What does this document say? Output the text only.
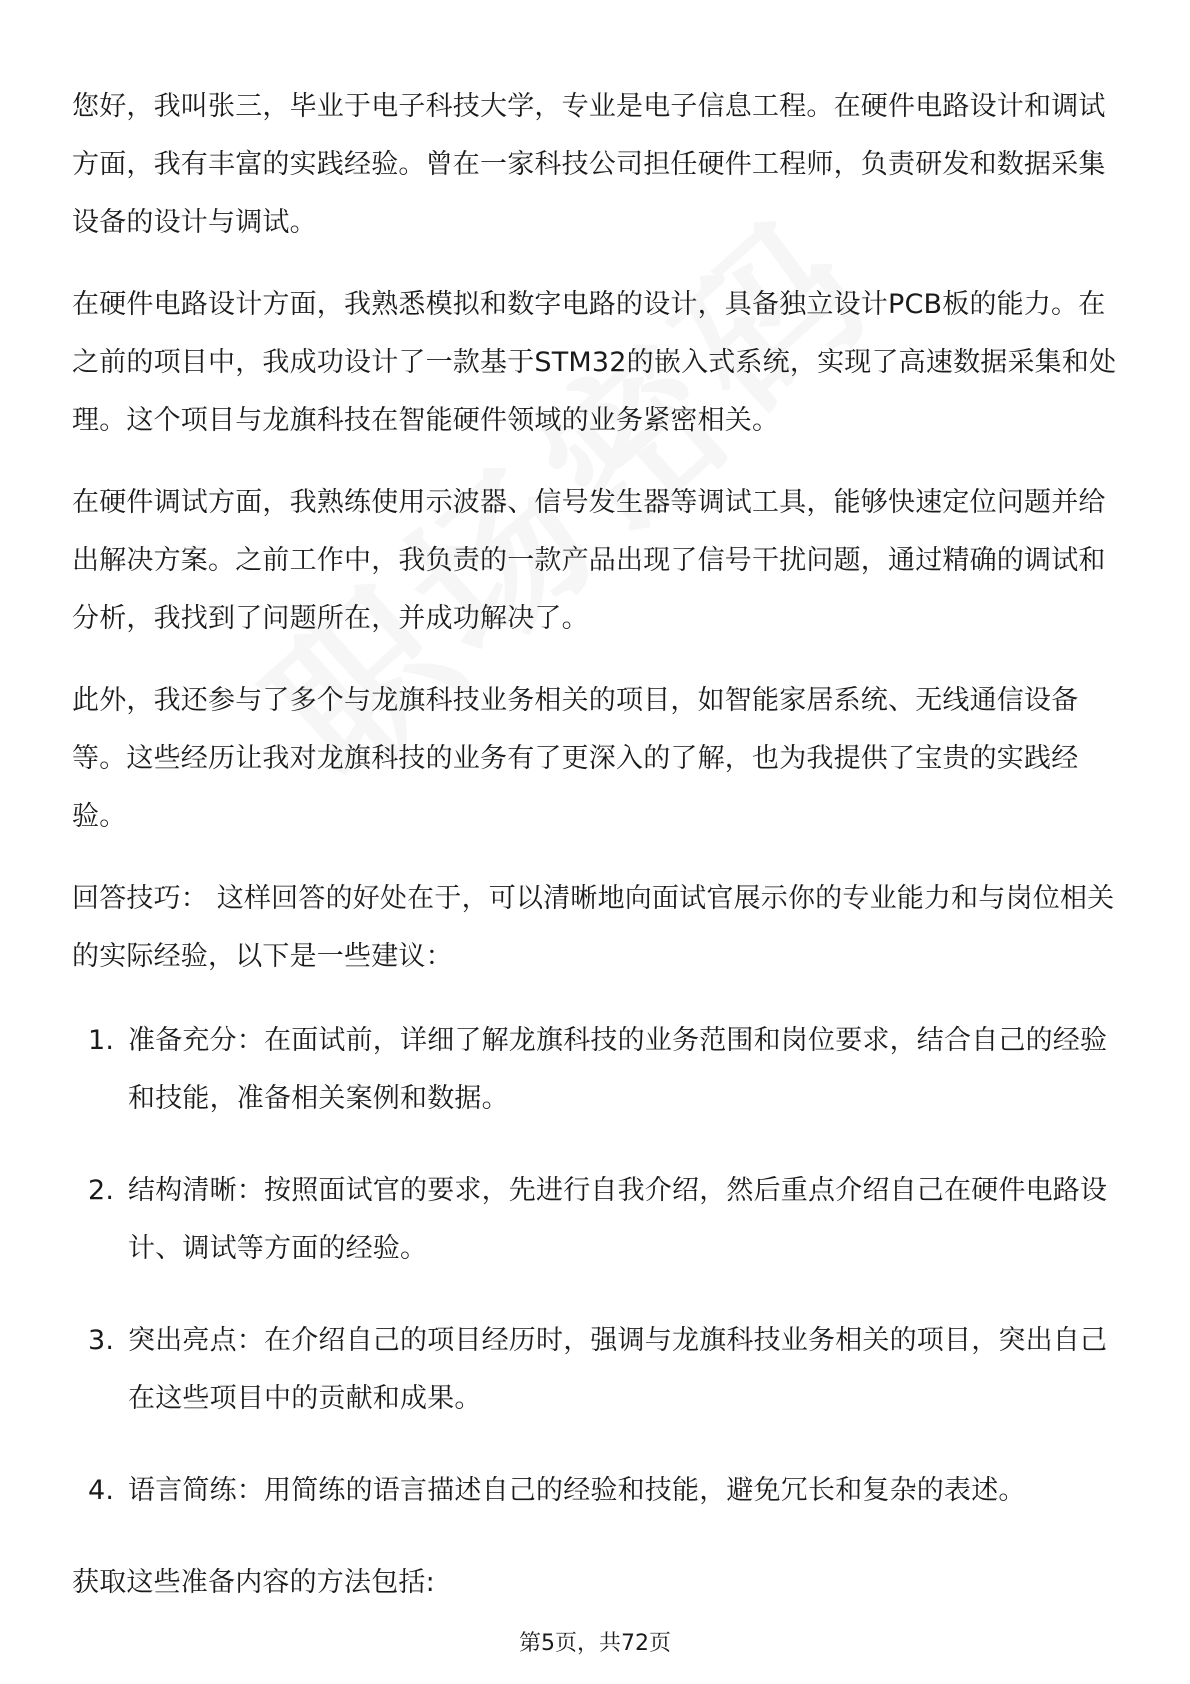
您好，我叫张三，毕业于电子科技大学，专业是电子信息工程。在硬件电路设计和调试方面，我有丰富的实践经验。曾在一家科技公司担任硬件工程师，负责研发和数据采集设备的设计与调试。

在硬件电路设计方面，我熟悉模拟和数字电路的设计，具备独立设计PCB板的能力。在之前的项目中，我成功设计了一款基于STM32的嵌入式系统，实现了高速数据采集和处理。这个项目与龙旗科技在智能硬件领域的业务紧密相关。

在硬件调试方面，我熟练使用示波器、信号发生器等调试工具，能够快速定位问题并给出解决方案。之前工作中，我负责的一款产品出现了信号干扰问题，通过精确的调试和分析，我找到了问题所在，并成功解决了。

此外，我还参与了多个与龙旗科技业务相关的项目，如智能家居系统、无线通信设备等。这些经历让我对龙旗科技的业务有了更深入的了解，也为我提供了宝贵的实践经验。

回答技巧： 这样回答的好处在于，可以清晰地向面试官展示你的专业能力和与岗位相关的实际经验，以下是一些建议：

1. 准备充分：在面试前，详细了解龙旗科技的业务范围和岗位要求，结合自己的经验和技能，准备相关案例和数据。
2. 结构清晰：按照面试官的要求，先进行自我介绍，然后重点介绍自己在硬件电路设计、调试等方面的经验。
3. 突出亮点：在介绍自己的项目经历时，强调与龙旗科技业务相关的项目，突出自己在这些项目中的贡献和成果。
4. 语言简练：用简练的语言描述自己的经验和技能，避免冗长和复杂的表述。

获取这些准备内容的方法包括:

第5页，共72页
